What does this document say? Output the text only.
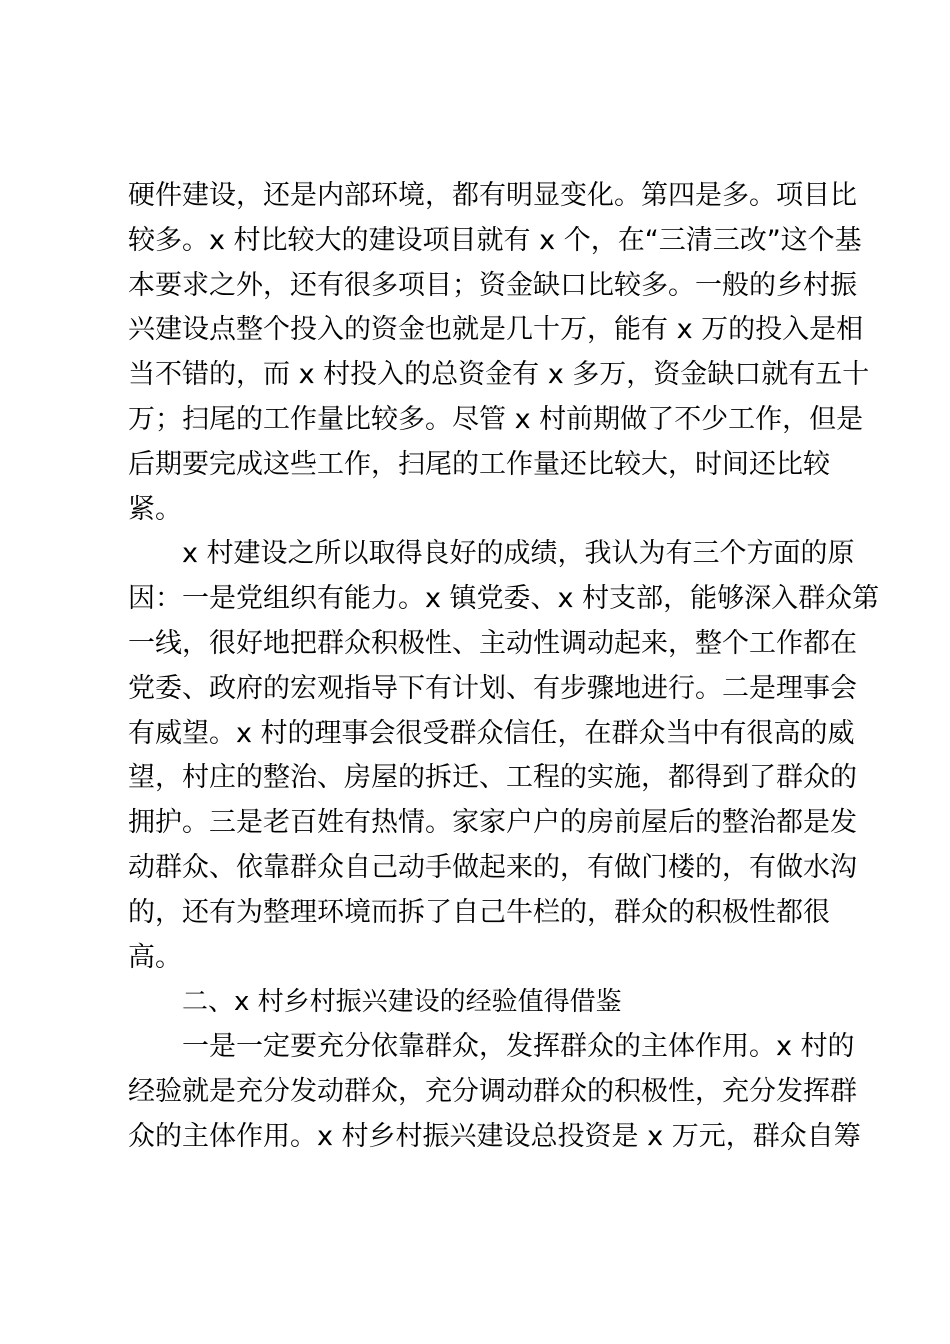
硬件建设，还是内部环境，都有明显变化。第四是多。项目比
较多。x 村比较大的建设项目就有 x 个，在“三清三改”这个基
本要求之外，还有很多项目；资金缺口比较多。一般的乡村振
兴建设点整个投入的资金也就是几十万，能有 x 万的投入是相
当不错的，而 x 村投入的总资金有 x 多万，资金缺口就有五十
万；扫尾的工作量比较多。尽管 x 村前期做了不少工作，但是
后期要完成这些工作，扫尾的工作量还比较大，时间还比较
紧。
x 村建设之所以取得良好的成绩，我认为有三个方面的原
因：一是党组织有能力。x 镇党委、x 村支部，能够深入群众第
一线，很好地把群众积极性、主动性调动起来，整个工作都在
党委、政府的宏观指导下有计划、有步骤地进行。二是理事会
有威望。x 村的理事会很受群众信任，在群众当中有很高的威
望，村庄的整治、房屋的拆迁、工程的实施，都得到了群众的
拥护。三是老百姓有热情。家家户户的房前屋后的整治都是发
动群众、依靠群众自己动手做起来的，有做门楼的，有做水沟
的，还有为整理环境而拆了自己牛栏的，群众的积极性都很
高。
二、x 村乡村振兴建设的经验值得借鉴
一是一定要充分依靠群众，发挥群众的主体作用。x 村的
经验就是充分发动群众，充分调动群众的积极性，充分发挥群
众的主体作用。x 村乡村振兴建设总投资是 x 万元，群众自筹
